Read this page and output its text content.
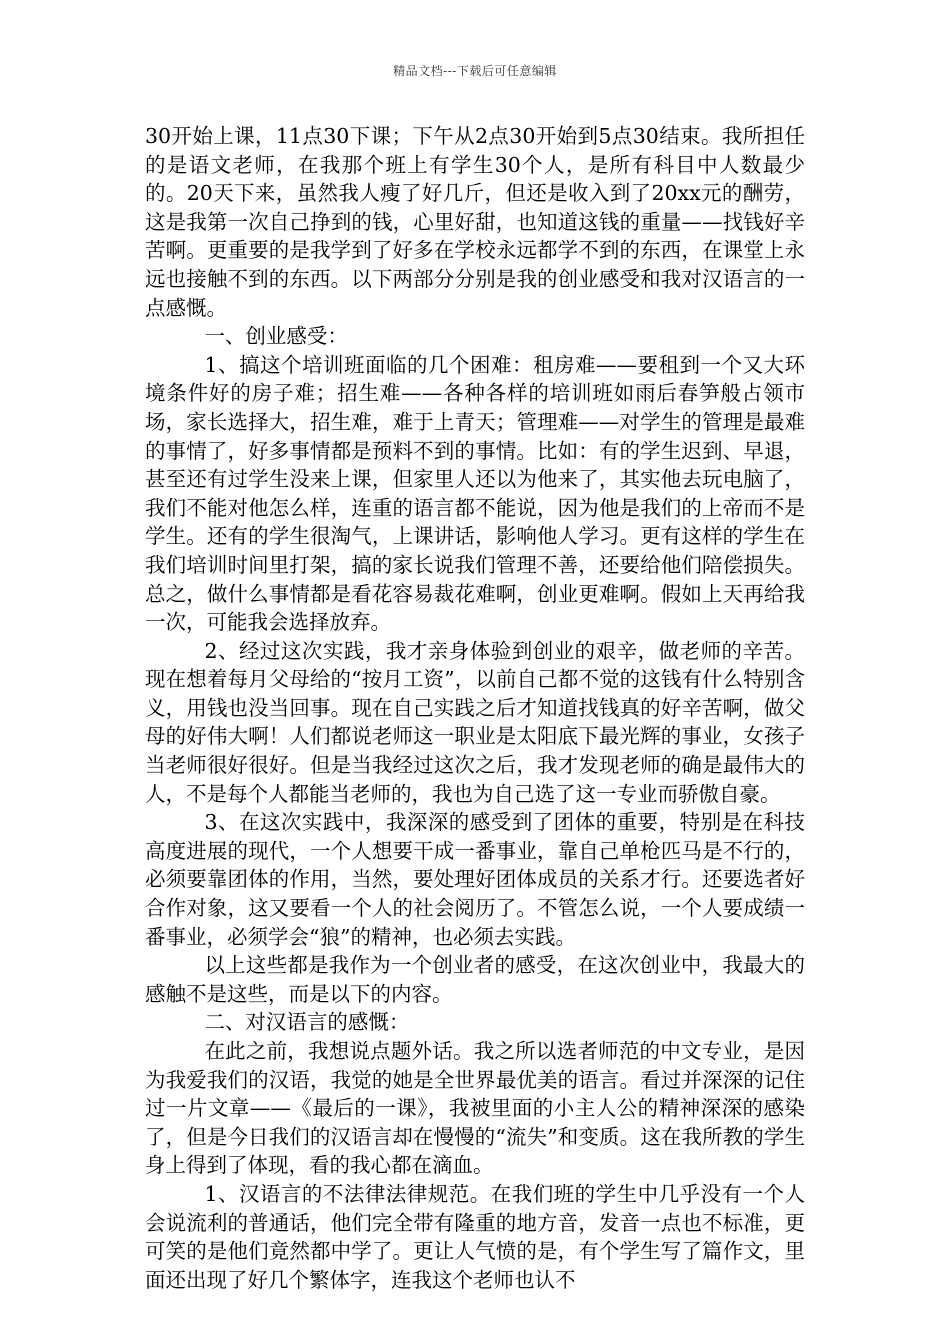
精品文档---下载后可任意编辑

30开始上课，11点30下课；下午从2点30开始到5点30结束。我所担任的是语文老师，在我那个班上有学生30个人，是所有科目中人数最少的。20天下来，虽然我人瘦了好几斤，但还是收入到了20xx元的酬劳，这是我第一次自己挣到的钱，心里好甜，也知道这钱的重量——找钱好辛苦啊。更重要的是我学到了好多在学校永远都学不到的东西，在课堂上永远也接触不到的东西。以下两部分分别是我的创业感受和我对汉语言的一点感慨。

一、创业感受：

1、搞这个培训班面临的几个困难：租房难——要租到一个又大环境条件好的房子难；招生难——各种各样的培训班如雨后春笋般占领市场，家长选择大，招生难，难于上青天；管理难——对学生的管理是最难的事情了，好多事情都是预料不到的事情。比如：有的学生迟到、早退，甚至还有过学生没来上课，但家里人还以为他来了，其实他去玩电脑了，我们不能对他怎么样，连重的语言都不能说，因为他是我们的上帝而不是学生。还有的学生很淘气，上课讲话，影响他人学习。更有这样的学生在我们培训时间里打架，搞的家长说我们管理不善，还要给他们陪偿损失。总之，做什么事情都是看花容易裁花难啊，创业更难啊。假如上天再给我一次，可能我会选择放弃。

2、经过这次实践，我才亲身体验到创业的艰辛，做老师的辛苦。现在想着每月父母给的“按月工资”，以前自己都不觉的这钱有什么特别含义，用钱也没当回事。现在自己实践之后才知道找钱真的好辛苦啊，做父母的好伟大啊！人们都说老师这一职业是太阳底下最光辉的事业，女孩子当老师很好很好。但是当我经过这次之后，我才发现老师的确是最伟大的人，不是每个人都能当老师的，我也为自己选了这一专业而骄傲自豪。

3、在这次实践中，我深深的感受到了团体的重要，特别是在科技高度进展的现代，一个人想要干成一番事业，靠自己单枪匹马是不行的，必须要靠团体的作用，当然，要处理好团体成员的关系才行。还要选者好合作对象，这又要看一个人的社会阅历了。不管怎么说，一个人要成绩一番事业，必须学会“狼”的精神，也必须去实践。

以上这些都是我作为一个创业者的感受，在这次创业中，我最大的感触不是这些，而是以下的内容。

二、对汉语言的感慨：

在此之前，我想说点题外话。我之所以选者师范的中文专业，是因为我爱我们的汉语，我觉的她是全世界最优美的语言。看过并深深的记住过一片文章——《最后的一课》，我被里面的小主人公的精神深深的感染了，但是今日我们的汉语言却在慢慢的“流失”和变质。这在我所教的学生身上得到了体现，看的我心都在滴血。

1、汉语言的不法律法律规范。在我们班的学生中几乎没有一个人会说流利的普通话，他们完全带有隆重的地方音，发音一点也不标准，更可笑的是他们竟然都中学了。更让人气愤的是，有个学生写了篇作文，里面还出现了好几个繁体字，连我这个老师也认不
